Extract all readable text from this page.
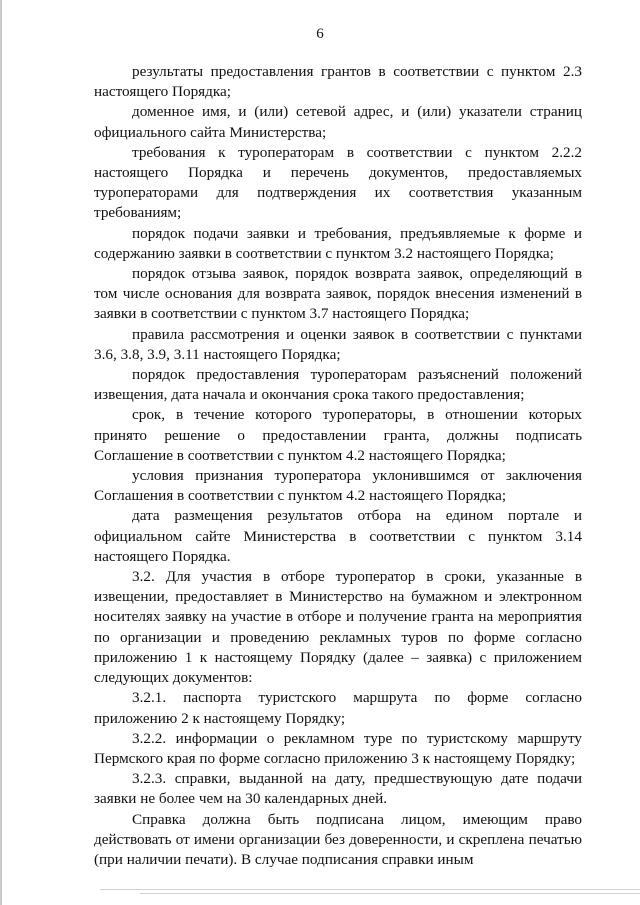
6

результаты предоставления грантов в соответствии с пунктом 2.3 настоящего Порядка;

доменное имя, и (или) сетевой адрес, и (или) указатели страниц официального сайта Министерства;

требования к туроператорам в соответствии с пунктом 2.2.2 настоящего Порядка и перечень документов, предоставляемых туроператорами для подтверждения их соответствия указанным требованиям;

порядок подачи заявки и требования, предъявляемые к форме и содержанию заявки в соответствии с пунктом 3.2 настоящего Порядка;

порядок отзыва заявок, порядок возврата заявок, определяющий в том числе основания для возврата заявок, порядок внесения изменений в заявки в соответствии с пунктом 3.7 настоящего Порядка;

правила рассмотрения и оценки заявок в соответствии с пунктами 3.6, 3.8, 3.9, 3.11 настоящего Порядка;

порядок предоставления туроператорам разъяснений положений извещения, дата начала и окончания срока такого предоставления;

срок, в течение которого туроператоры, в отношении которых принято решение о предоставлении гранта, должны подписать Соглашение в соответствии с пунктом 4.2 настоящего Порядка;

условия признания туроператора уклонившимся от заключения Соглашения в соответствии с пунктом 4.2 настоящего Порядка;

дата размещения результатов отбора на едином портале и официальном сайте Министерства в соответствии с пунктом 3.14 настоящего Порядка.

3.2. Для участия в отборе туроператор в сроки, указанные в извещении, предоставляет в Министерство на бумажном и электронном носителях заявку на участие в отборе и получение гранта на мероприятия по организации и проведению рекламных туров по форме согласно приложению 1 к настоящему Порядку (далее – заявка) с приложением следующих документов:

3.2.1. паспорта туристского маршрута по форме согласно приложению 2 к настоящему Порядку;

3.2.2. информации о рекламном туре по туристскому маршруту Пермского края по форме согласно приложению 3 к настоящему Порядку;

3.2.3. справки, выданной на дату, предшествующую дате подачи заявки не более чем на 30 календарных дней.

Справка должна быть подписана лицом, имеющим право действовать от имени организации без доверенности, и скреплена печатью (при наличии печати). В случае подписания справки иным
